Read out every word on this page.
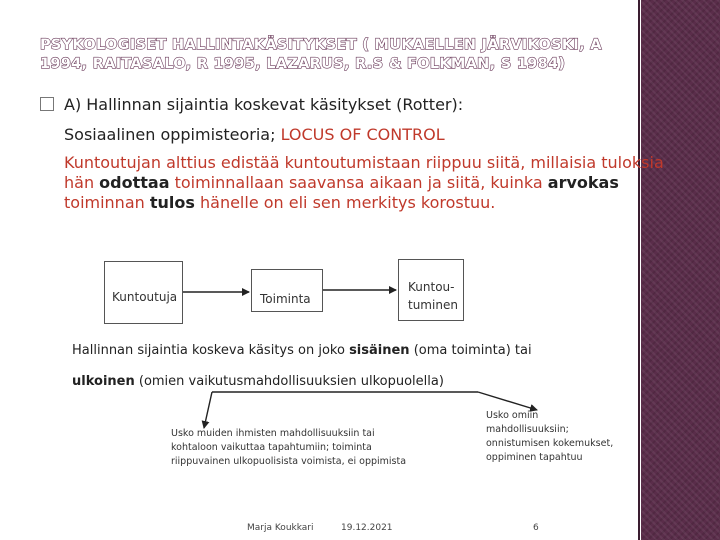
PSYKOLOGISET HALLINTAKÄSITYKSET ( MUKAELLEN JÄRVIKOSKI, A 1994, RAITASALO, R 1995, LAZARUS, R.S & FOLKMAN, S 1984)
A) Hallinnan sijaintia koskevat käsitykset (Rotter):
Sosiaalinen oppimisteoria; LOCUS OF CONTROL
Kuntoutujan alttius edistää kuntoutumistaan riippuu siitä, millaisia tuloksia hän odottaa toiminnallaan saavansa aikaan ja siitä, kuinka arvokas toiminnan tulos hänelle on eli sen merkitys korostuu.
Kuntoutuja	Toiminta
Kuntou-
tuminen
Hallinnan sijaintia koskeva käsitys on joko sisäinen (oma toiminta) tai
ulkoinen (omien vaikutusmahdollisuuksien ulkopuolella)
Usko muiden ihmisten mahdollisuuksiin tai
kohtaloon vaikuttaa tapahtumiin; toiminta
riippuvainen ulkopuolisista voimista, ei oppimista
Usko omiin
mahdollisuuksiin;
onnistumisen kokemukset,
oppiminen tapahtuu
Marja Koukkari	19.12.2021	6
